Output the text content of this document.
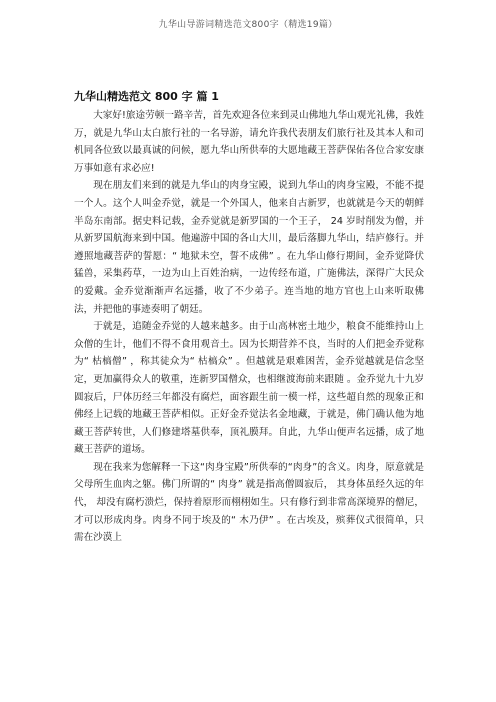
九华山导游词精选范文800字（精选19篇）
九华山精选范文 800 字 篇 1

大家好!旅途劳顿一路辛苦，首先欢迎各位来到灵山佛地九华山观光礼佛，我姓万，就是九华山太白旅行社的一名导游，请允许我代表朋友们旅行社及其本人和司机同各位致以最真诚的问候，愿九华山所供奉的大愿地藏王菩萨保佑各位合家安康万事如意有求必应!

现在朋友们来到的就是九华山的肉身宝殿，说到九华山的肉身宝殿，不能不提一个人。这个人叫金乔觉，就是一个外国人，他来自古新罗，也就就是今天的朝鲜半岛东南部。据史料记载，金乔觉就是新罗国的一个王子， 24 岁时削发为僧，并从新罗国航海来到中国。他遍游中国的各山大川，最后落脚九华山，结庐修行。并遵照地藏菩萨的誓愿：“ 地狱未空，誓不成佛” 。在九华山修行期间，金乔觉降伏猛兽，采集药草，一边为山上百姓治病，一边传经布道，广施佛法，深得广大民众的爱戴。金乔觉渐渐声名远播，收了不少弟子。连当地的地方官也上山来听取佛法，并把他的事迹奏明了朝廷。

于就是，追随金乔觉的人越来越多。由于山高林密土地少，粮食不能维持山上众僧的生计，他们不得不食用观音土。因为长期营养不良，当时的人们把金乔觉称为“ 枯槁僧” ，称其徒众为“ 枯槁众” 。但越就是艰难困苦，金乔觉越就是信念坚定，更加赢得众人的敬重，连新罗国僧众，也相继渡海前来跟随 。金乔觉九十九岁圆寂后，尸体历经三年都没有腐烂，面容跟生前一模一样，这些超自然的现象正和佛经上记载的地藏王菩萨相似。正好金乔觉法名金地藏，于就是，佛门确认他为地藏王菩萨转世，人们修建塔墓供奉，顶礼膜拜。自此，九华山便声名远播，成了地藏王菩萨的道场。

现在我来为您解释一下这“肉身宝殿”所供奉的“肉身”的含义。肉身，原意就是父母所生血肉之躯。佛门所谓的“ 肉身” 就是指高僧圆寂后， 其身体虽经久远的年代， 却没有腐朽溃烂，保持着原形而栩栩如生。只有修行到非常高深境界的僧尼，才可以形成肉身。肉身不同于埃及的“ 木乃伊” 。在古埃及，殡葬仪式很简单，只需在沙漠上
